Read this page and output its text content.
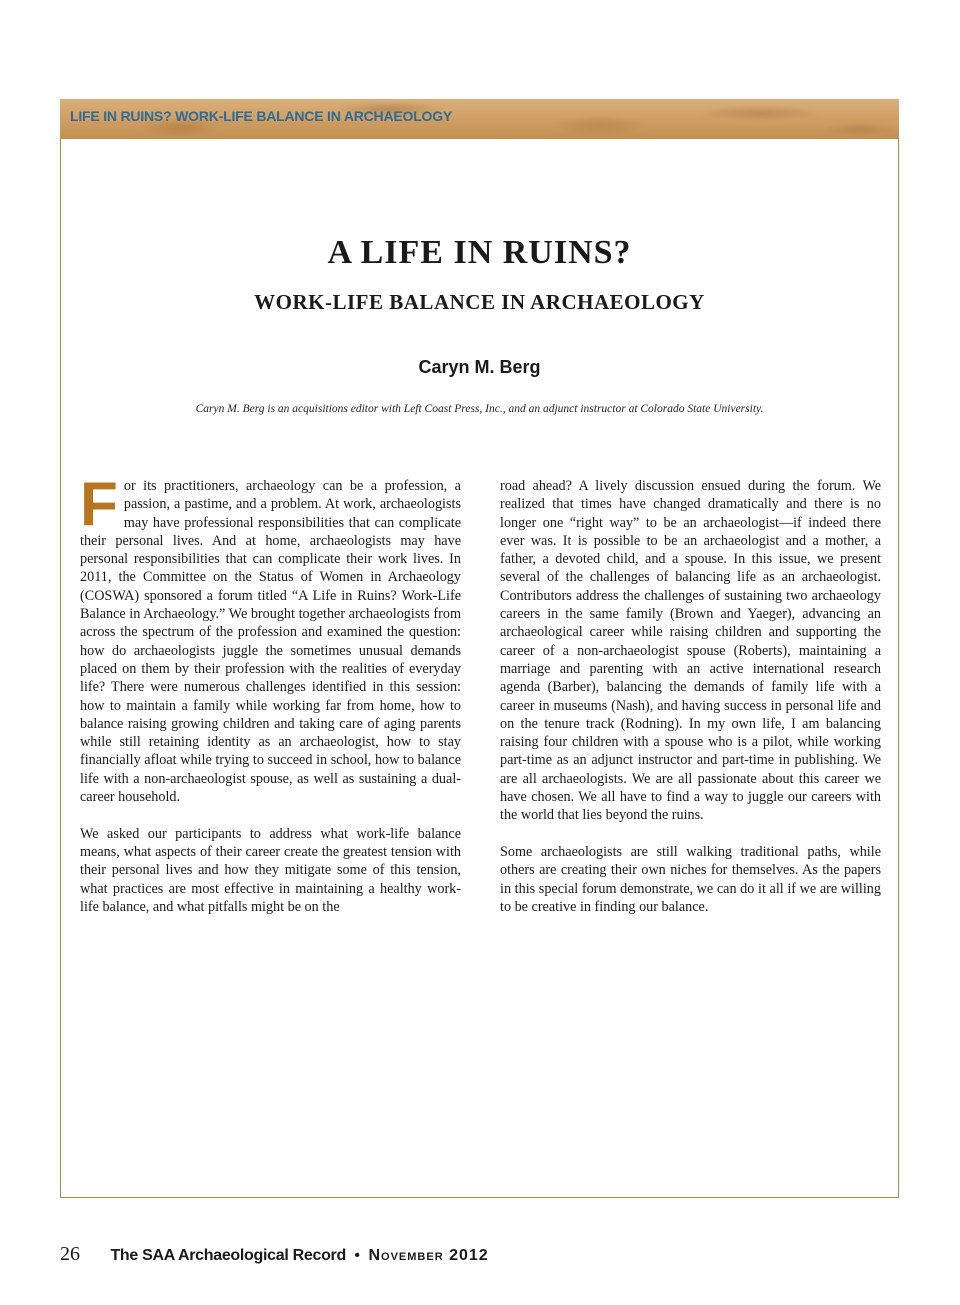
LIFE IN RUINS? WORK-LIFE BALANCE IN ARCHAEOLOGY
A LIFE IN RUINS?
WORK-LIFE BALANCE IN ARCHAEOLOGY
Caryn M. Berg
Caryn M. Berg is an acquisitions editor with Left Coast Press, Inc., and an adjunct instructor at Colorado State University.

For its practitioners, archaeology can be a profession, a passion, a pastime, and a problem. At work, archaeologists may have professional responsibilities that can complicate their personal lives. And at home, archaeologists may have personal responsibilities that can complicate their work lives. In 2011, the Committee on the Status of Women in Archaeology (COSWA) sponsored a forum titled “A Life in Ruins? Work-Life Balance in Archaeology.” We brought together archaeologists from across the spectrum of the profession and examined the question: how do archaeologists juggle the sometimes unusual demands placed on them by their profession with the realities of everyday life? There were numerous challenges identified in this session: how to maintain a family while working far from home, how to balance raising growing children and taking care of aging parents while still retaining identity as an archaeologist, how to stay financially afloat while trying to succeed in school, how to balance life with a non-archaeologist spouse, as well as sustaining a dual-career household.

We asked our participants to address what work-life balance means, what aspects of their career create the greatest tension with their personal lives and how they mitigate some of this tension, what practices are most effective in maintaining a healthy work-life balance, and what pitfalls might be on the

road ahead? A lively discussion ensued during the forum. We realized that times have changed dramatically and there is no longer one “right way” to be an archaeologist—if indeed there ever was. It is possible to be an archaeologist and a mother, a father, a devoted child, and a spouse. In this issue, we present several of the challenges of balancing life as an archaeologist. Contributors address the challenges of sustaining two archaeology careers in the same family (Brown and Yaeger), advancing an archaeological career while raising children and supporting the career of a non-archaeologist spouse (Roberts), maintaining a marriage and parenting with an active international research agenda (Barber), balancing the demands of family life with a career in museums (Nash), and having success in personal life and on the tenure track (Rodning). In my own life, I am balancing raising four children with a spouse who is a pilot, while working part-time as an adjunct instructor and part-time in publishing. We are all archaeologists. We are all passionate about this career we have chosen. We all have to find a way to juggle our careers with the world that lies beyond the ruins.

Some archaeologists are still walking traditional paths, while others are creating their own niches for themselves. As the papers in this special forum demonstrate, we can do it all if we are willing to be creative in finding our balance.

26 The SAA Archaeological Record • November 2012
